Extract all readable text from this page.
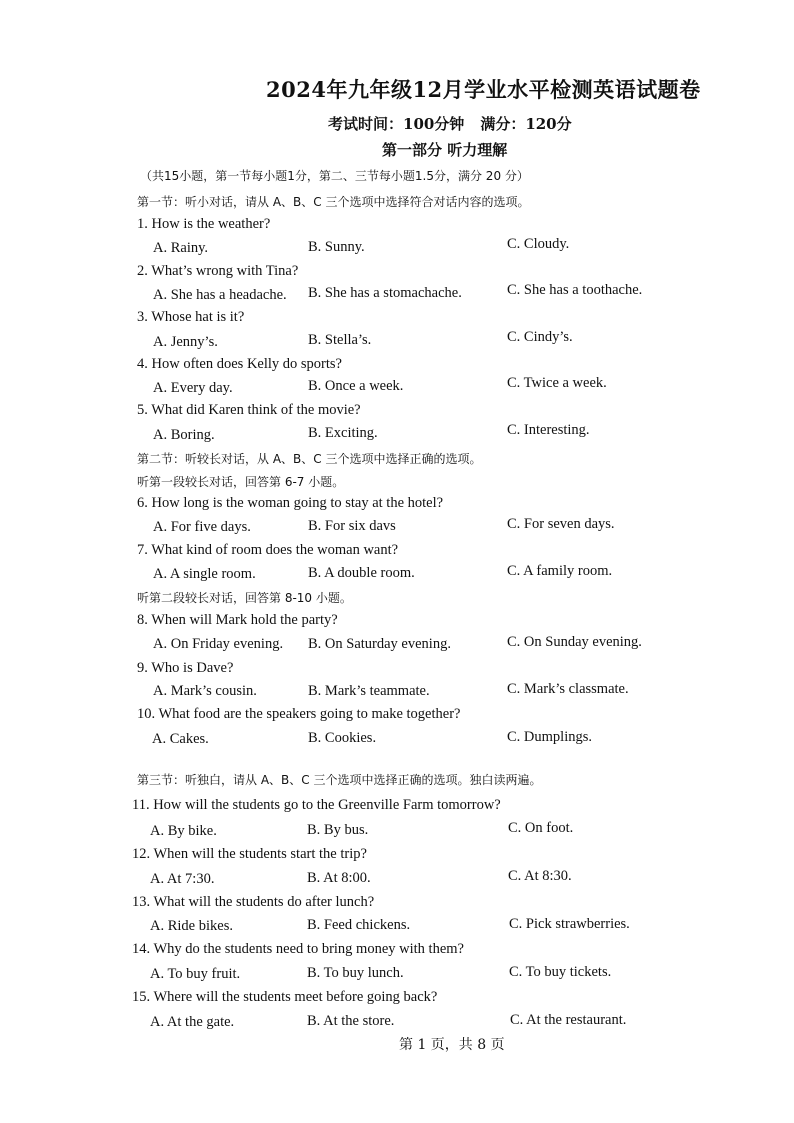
2024年九年级12月学业水平检测英语试题卷
考试时间：100分钟 满分：120分
第一部分 听力理解
（共15小题，第一节每小题1分，第二、三节每小题1.5分，满分 20 分）
第一节：听小对话，请从 A、B、C 三个选项中选择符合对话内容的选项。
1. How is the weather?
A. Rainy.	B. Sunny.	C. Cloudy.
2. What’s wrong with Tina?
A. She has a headache. B. She has a stomachache.	C. She has a toothache.
3. Whose hat is it?
A. Jenny’s.	B. Stella’s.	C. Cindy’s.
4. How often does Kelly do sports?
A. Every day.	B. Once a week.	C. Twice a week.
5. What did Karen think of the movie?
A. Boring.	B. Exciting.	C. Interesting.
第二节：听较长对话，从 A、B、C 三个选项中选择正确的选项。
听第一段较长对话，回答第 6-7 小题。
6. How long is the woman going to stay at the hotel?
A. For five days.	B. For six davs	C. For seven days.
7. What kind of room does the woman want?
A. A single room.	B. A double room.	C. A family room.
听第二段较长对话，回答第 8-10 小题。
8. When will Mark hold the party?
A. On Friday evening. B. On Saturday evening.	C. On Sunday evening.
9. Who is Dave?
A. Mark’s cousin.	B. Mark’s teammate.	C. Mark’s classmate.
10. What food are the speakers going to make together?
A. Cakes.	B. Cookies.	C. Dumplings.
第三节：听独白，请从 A、B、C 三个选项中选择正确的选项。独白读两遍。
11. How will the students go to the Greenville Farm tomorrow?
A. By bike.	B. By bus.	C. On foot.
12. When will the students start the trip?
A. At 7:30.	B. At 8:00.	C. At 8:30.
13. What will the students do after lunch?
A. Ride bikes.	B. Feed chickens.	C. Pick strawberries.
14. Why do the students need to bring money with them?
A. To buy fruit.	B. To buy lunch.	C. To buy tickets.
15. Where will the students meet before going back?
A. At the gate.	B. At the store.	C. At the restaurant.
第 1 页，共 8 页
